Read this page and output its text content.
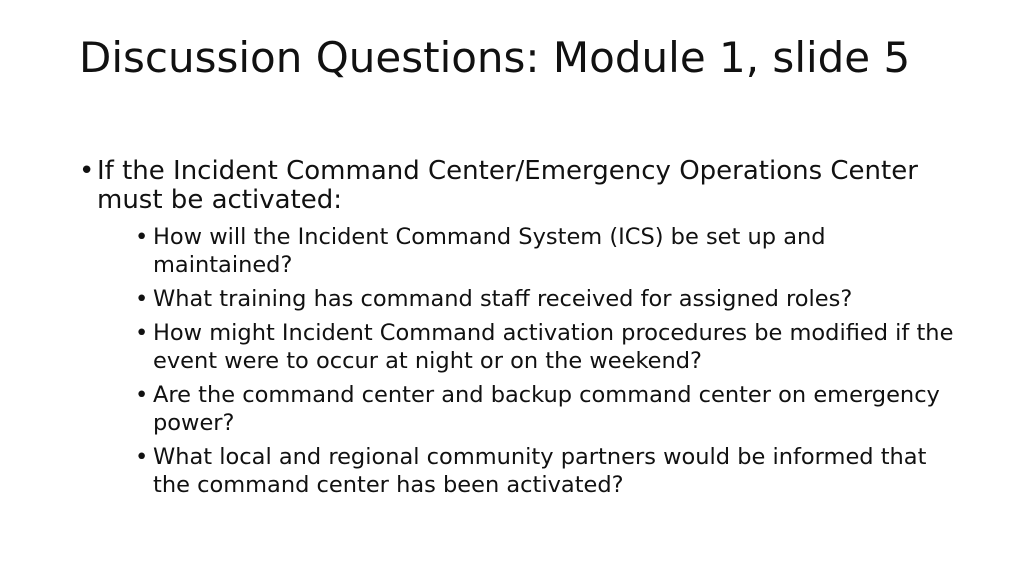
Discussion Questions: Module 1, slide 5
• If the Incident Command Center/Emergency Operations Center must be activated:
• How will the Incident Command System (ICS) be set up and maintained?
• What training has command staff received for assigned roles?
• How might Incident Command activation procedures be modified if the event were to occur at night or on the weekend?
• Are the command center and backup command center on emergency power?
• What local and regional community partners would be informed that the command center has been activated?
